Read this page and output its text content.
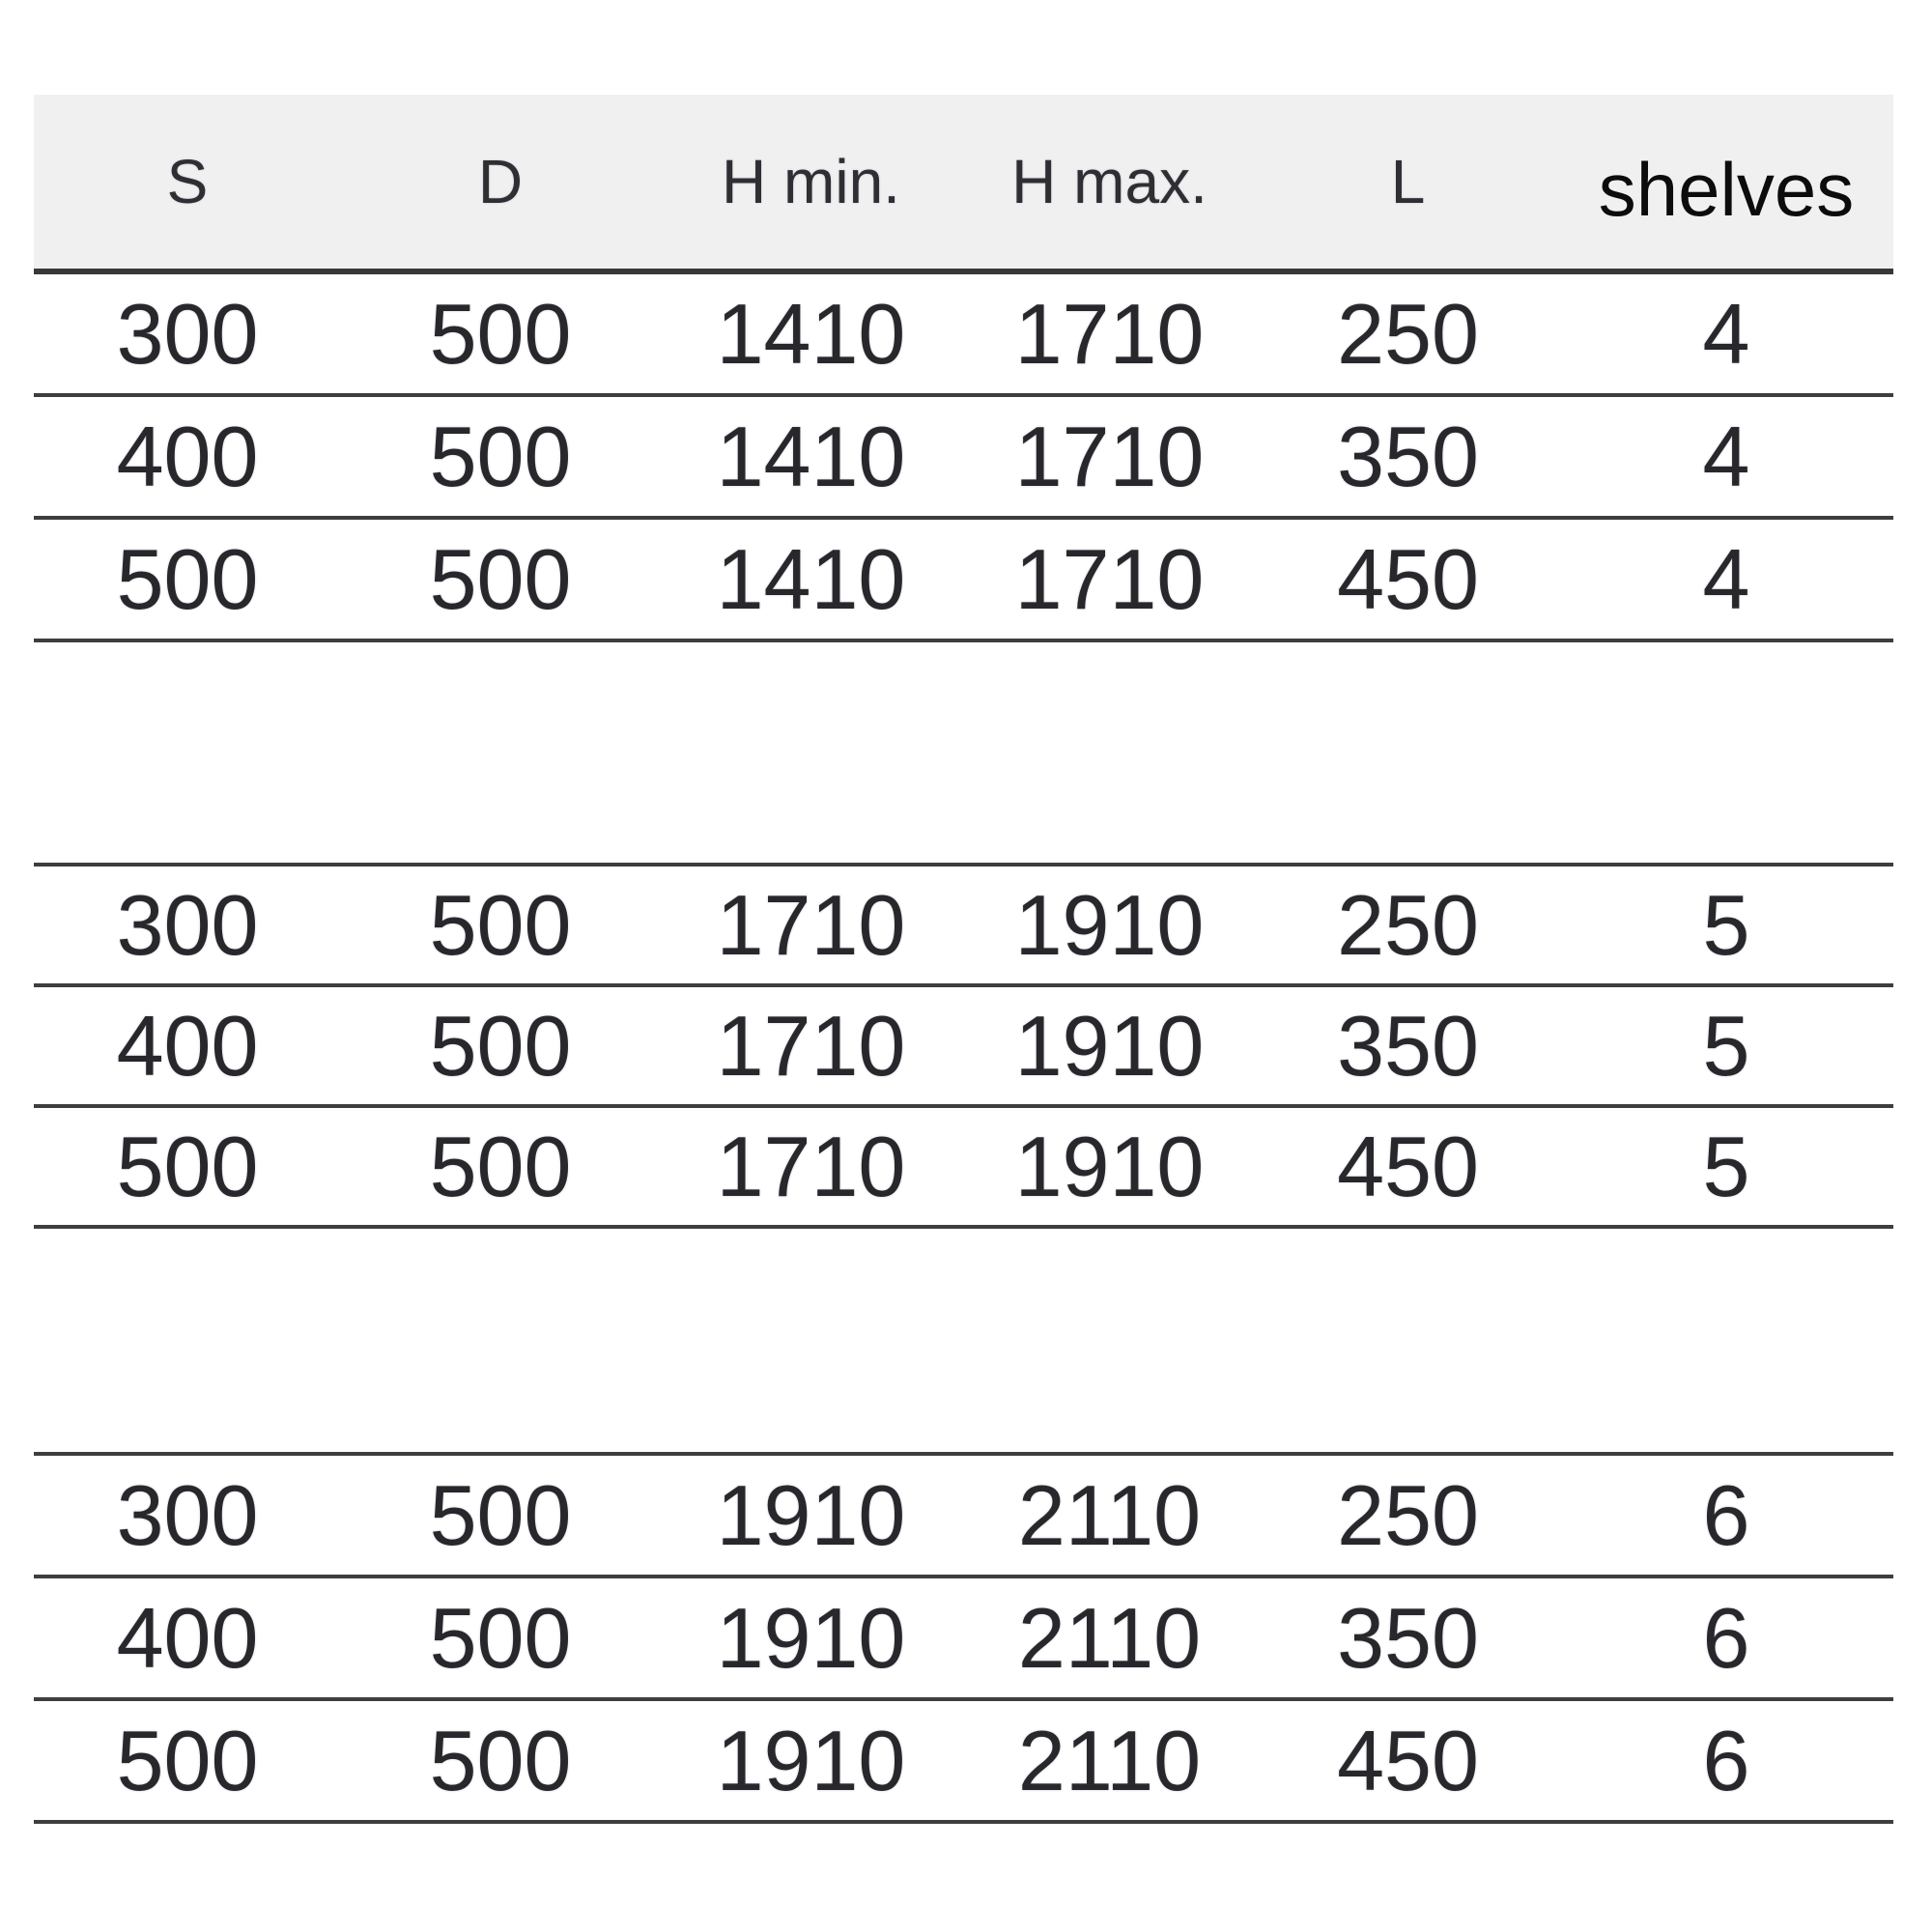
S	D	H min.	H max.	L	shelves
300	500	1410	1710	250	4
400	500	1410	1710	350	4
500	500	1410	1710	450	4
300	500	1710	1910	250	5
400	500	1710	1910	350	5
500	500	1710	1910	450	5
300	500	1910	2110	250	6
400	500	1910	2110	350	6
500	500	1910	2110	450	6
